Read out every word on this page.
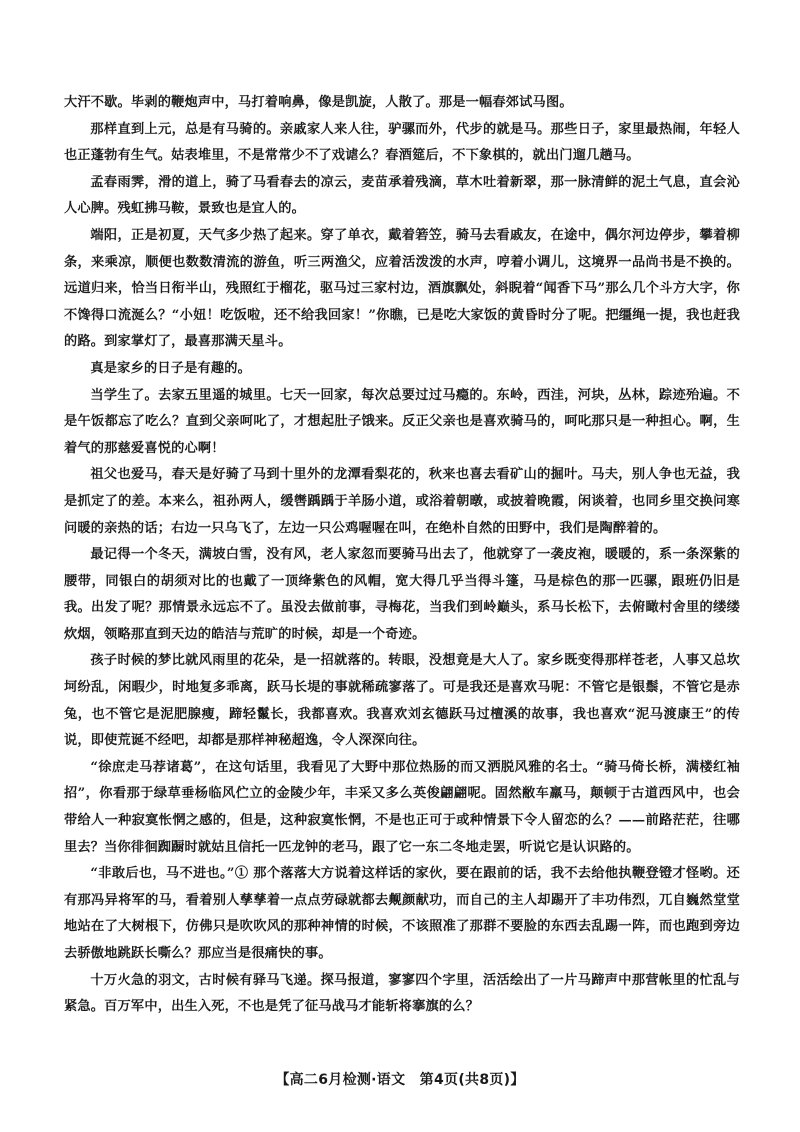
大汗不歇。毕剥的鞭炮声中，马打着响鼻，像是凯旋，人散了。那是一幅春郊试马图。

那样直到上元，总是有马骑的。亲戚家人来人往，驴骡而外，代步的就是马。那些日子，家里最热闹，年轻人也正蓬勃有生气。姑表堆里，不是常常少不了戏谑么？春酒筵后，不下象棋的，就出门遛几趟马。

孟春雨霁，滑的道上，骑了马看春去的凉云，麦苗承着残滴，草木吐着新翠，那一脉清鲜的泥土气息，直会沁人心脾。残虹拂马鞍，景致也是宜人的。

端阳，正是初夏，天气多少热了起来。穿了单衣，戴着箬笠，骑马去看戚友，在途中，偶尔河边停步，攀着柳条，来乘凉，顺便也数数清流的游鱼，听三两渔父，应着活泼泼的水声，哼着小调儿，这境界一品尚书是不换的。远道归来，恰当日衔半山，残照红于榴花，驱马过三家村边，酒旗飘处，斜睨着“闻香下马”那么几个斗方大字，你不馋得口流涎么？“小妞！吃饭啦，还不给我回家！”你瞧，已是吃大家饭的黄昏时分了呢。把缰绳一提，我也赶我的路。到家掌灯了，最喜那满天星斗。

真是家乡的日子是有趣的。

当学生了。去家五里遥的城里。七天一回家，每次总要过过马瘾的。东岭，西洼，河块，丛林，踪迹殆遍。不是午饭都忘了吃么？直到父亲呵叱了，才想起肚子饿来。反正父亲也是喜欢骑马的，呵叱那只是一种担心。啊，生着气的那慈爱喜悦的心啊！

祖父也爱马，春天是好骑了马到十里外的龙潭看梨花的，秋来也喜去看矿山的掘叶。马夫，别人争也无益，我是抓定了的差。本来么，祖孙两人，缓辔踽踽于羊肠小道，或浴着朝暾，或披着晚霞，闲谈着，也同乡里交换问寒问暖的亲热的话；右边一只乌飞了，左边一只公鸡喔喔在叫，在绝朴自然的田野中，我们是陶醉着的。

最记得一个冬天，满坡白雪，没有风，老人家忽而要骑马出去了，他就穿了一袭皮袍，暖暖的，系一条深紫的腰带，同银白的胡须对比的也戴了一顶绛紫色的风帽，宽大得几乎当得斗篷，马是棕色的那一匹骡，跟班仍旧是我。出发了呢？那情景永远忘不了。虽没去做前事，寻梅花，当我们到岭巅头，系马长松下，去俯瞰村舍里的缕缕炊烟，领略那直到天边的皓洁与荒旷的时候，却是一个奇迹。

孩子时候的梦比就风雨里的花朵，是一招就落的。转眼，没想竟是大人了。家乡既变得那样苍老，人事又总坎坷纷乱，闲暇少，时地复多乖离，跃马长堤的事就稀疏寥落了。可是我还是喜欢马呢：不管它是银鬃，不管它是赤兔，也不管它是泥肥腺瘦，蹄轻鬣长，我都喜欢。我喜欢刘玄德跃马过檀溪的故事，我也喜欢“泥马渡康王”的传说，即使荒诞不经吧，却都是那样神秘超逸，令人深深向往。

“徐庶走马荐诸葛”，在这句话里，我看见了大野中那位热肠的而又洒脱风雅的名士。“骑马倚长桥，满楼红袖招”，你看那于绿草垂杨临风伫立的金陵少年，丰采又多么英俊翩翩呢。固然敝车羸马，颠顿于古道西风中，也会带给人一种寂寞怅惘之感的，但是，这种寂寞怅惘，不是也正可于或种情景下令人留恋的么？——前路茫茫，往哪里去？当你徘徊踟蹰时就姑且信托一匹龙钟的老马，跟了它一东二冬地走罢，听说它是认识路的。

“非敢后也，马不进也。”① 那个落落大方说着这样话的家伙，要在跟前的话，我不去给他执鞭登镫才怪哟。还有那冯异将军的马，看着别人孳孳着一点点劳碌就都去觍颜献功，而自己的主人却踢开了丰功伟烈，兀自巍然堂堂地站在了大树根下，仿佛只是吹吹风的那种神情的时候，不该照准了那群不要脸的东西去乱踢一阵，而也跑到旁边去骄傲地跳跃长嘶么？那应当是很痛快的事。

十万火急的羽文，古时候有驿马飞递。探马报道，寥寥四个字里，活活绘出了一片马蹄声中那营帐里的忙乱与紧急。百万军中，出生入死，不也是凭了征马战马才能斩将搴旗的么？

【高二6月检测·语文　第4页(共8页)】
